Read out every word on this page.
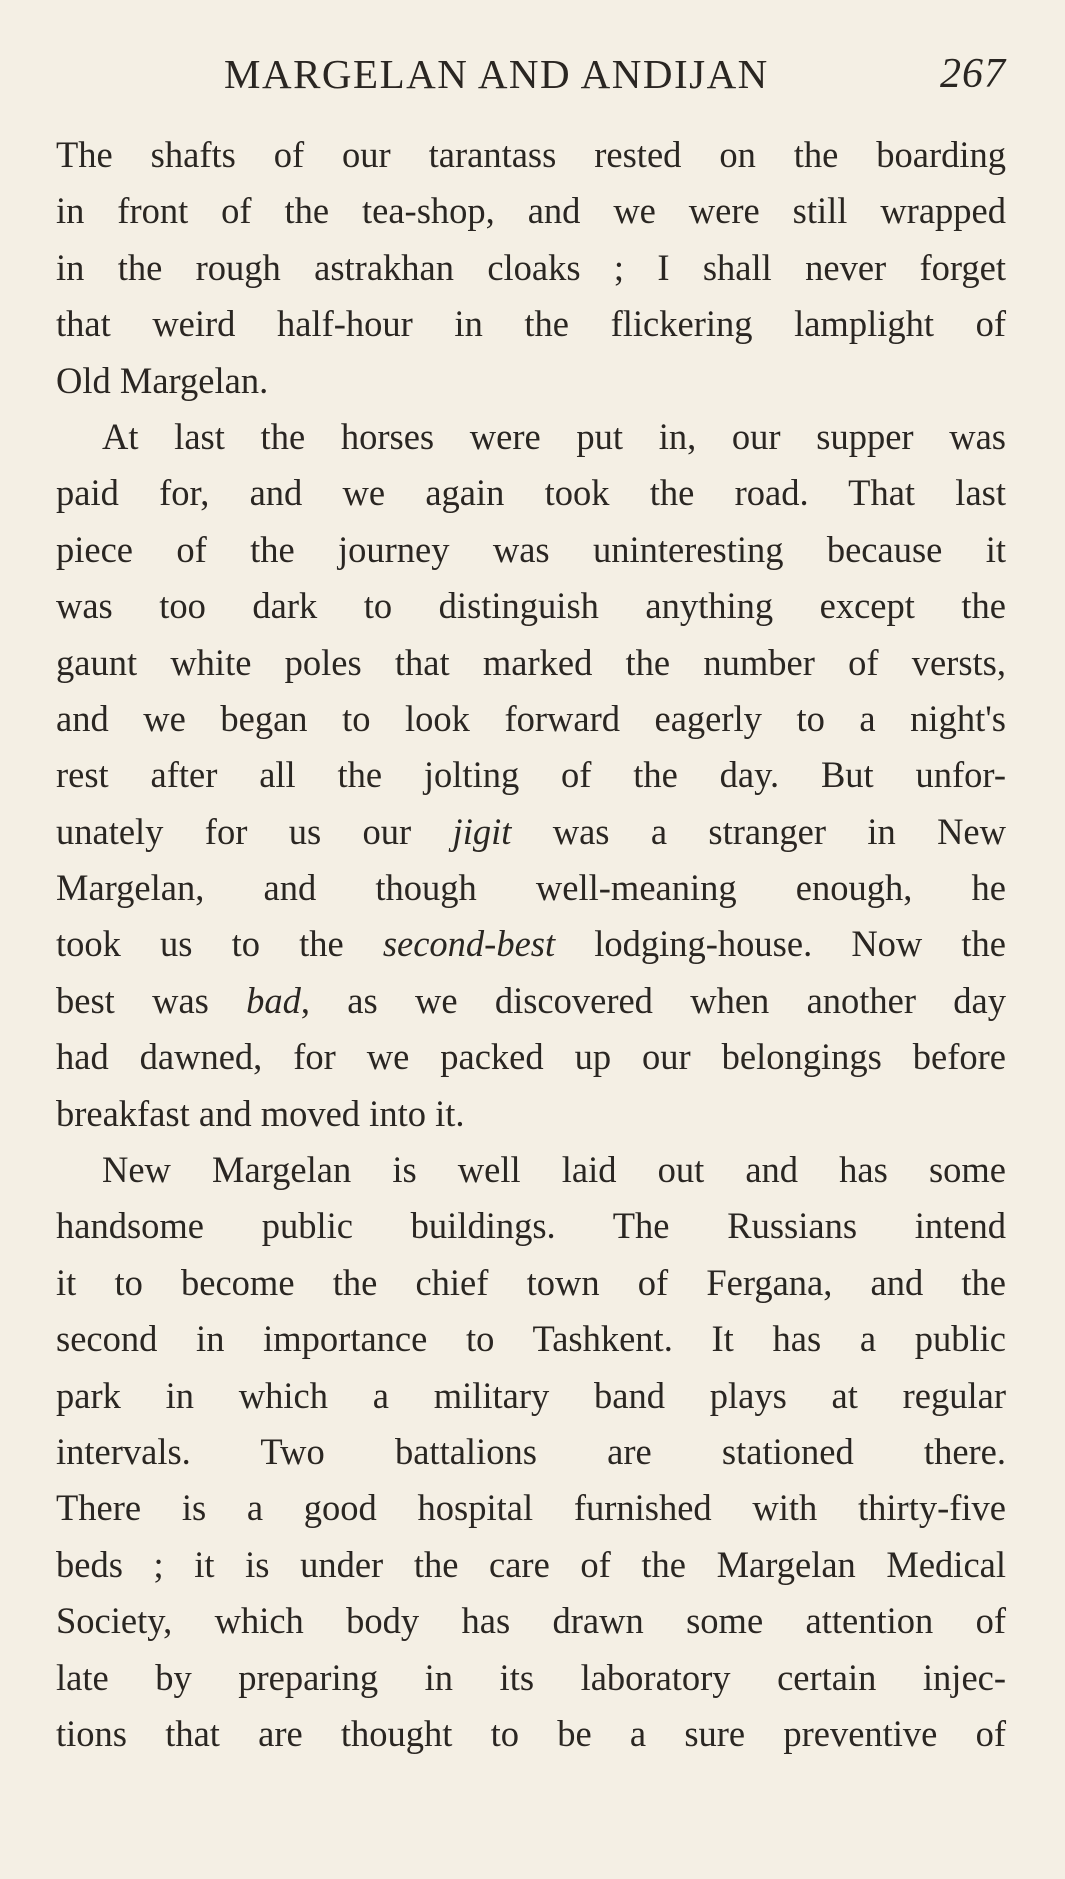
MARGELAN AND ANDIJAN	267
The shafts of our tarantass rested on the boarding
in front of the tea-shop, and we were still wrapped
in the rough astrakhan cloaks ; I shall never forget
that weird half-hour in the flickering lamplight of
Old Margelan.
At last the horses were put in, our supper was
paid for, and we again took the road. That last
piece of the journey was uninteresting because it
was too dark to distinguish anything except the
gaunt white poles that marked the number of versts,
and we began to look forward eagerly to a night's
rest after all the jolting of the day. But unfor-
unately for us our jigit was a stranger in New
Margelan, and though well-meaning enough, he
took us to the second-best lodging-house. Now the
best was bad, as we discovered when another day
had dawned, for we packed up our belongings before
breakfast and moved into it.
New Margelan is well laid out and has some
handsome public buildings. The Russians intend
it to become the chief town of Fergana, and the
second in importance to Tashkent. It has a public
park in which a military band plays at regular
intervals. Two battalions are stationed there.
There is a good hospital furnished with thirty-five
beds ; it is under the care of the Margelan Medical
Society, which body has drawn some attention of
late by preparing in its laboratory certain injec-
tions that are thought to be a sure preventive of
